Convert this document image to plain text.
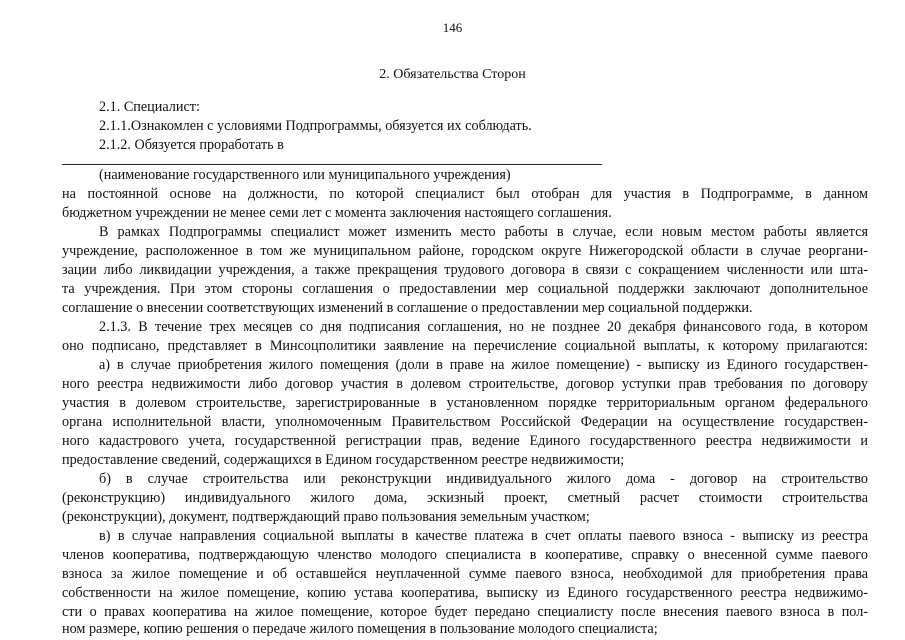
146
2. Обязательства Сторон
2.1. Специалист:
2.1.1.Ознакомлен с условиями Подпрограммы, обязуется их соблюдать.
2.1.2. Обязуется проработать в
(наименование государственного или муниципального учреждения)
на постоянной основе на должности, по которой специалист был отобран для участия в Подпрограмме, в данном
бюджетном учреждении не менее семи лет с момента заключения настоящего соглашения.
В рамках Подпрограммы специалист может изменить место работы в случае, если новым местом работы является
учреждение, расположенное в том же муниципальном районе, городском округе Нижегородской области в случае реоргани-
зации либо ликвидации учреждения, а также прекращения трудового договора в связи с сокращением численности или шта-
та учреждения. При этом стороны соглашения о предоставлении мер социальной поддержки заключают дополнительное
соглашение о внесении соответствующих изменений в соглашение о предоставлении мер социальной поддержки.
2.1.3. В течение трех месяцев со дня подписания соглашения, но не позднее 20 декабря финансового года, в котором
оно подписано, представляет в Минсоцполитики заявление на перечисление социальной выплаты, к которому прилагаются:
а) в случае приобретения жилого помещения (доли в праве на жилое помещение) - выписку из Единого государствен-
ного реестра недвижимости либо договор участия в долевом строительстве, договор уступки прав требования по договору
участия в долевом строительстве, зарегистрированные в установленном порядке территориальным органом федерального
органа исполнительной власти, уполномоченным Правительством Российской Федерации на осуществление государствен-
ного кадастрового учета, государственной регистрации прав, ведение Единого государственного реестра недвижимости и
предоставление сведений, содержащихся в Едином государственном реестре недвижимости;
б) в случае строительства или реконструкции индивидуального жилого дома - договор на строительство
(реконструкцию) индивидуального жилого дома, эскизный проект, сметный расчет стоимости строительства
(реконструкции), документ, подтверждающий право пользования земельным участком;
в) в случае направления социальной выплаты в качестве платежа в счет оплаты паевого взноса - выписку из реестра
членов кооператива, подтверждающую членство молодого специалиста в кооперативе, справку о внесенной сумме паевого
взноса за жилое помещение и об оставшейся неуплаченной сумме паевого взноса, необходимой для приобретения права
собственности на жилое помещение, копию устава кооператива, выписку из Единого государственного реестра недвижимо-
сти о правах кооператива на жилое помещение, которое будет передано специалисту после внесения паевого взноса в пол-
ном размере, копию решения о передаче жилого помещения в пользование молодого специалиста;
